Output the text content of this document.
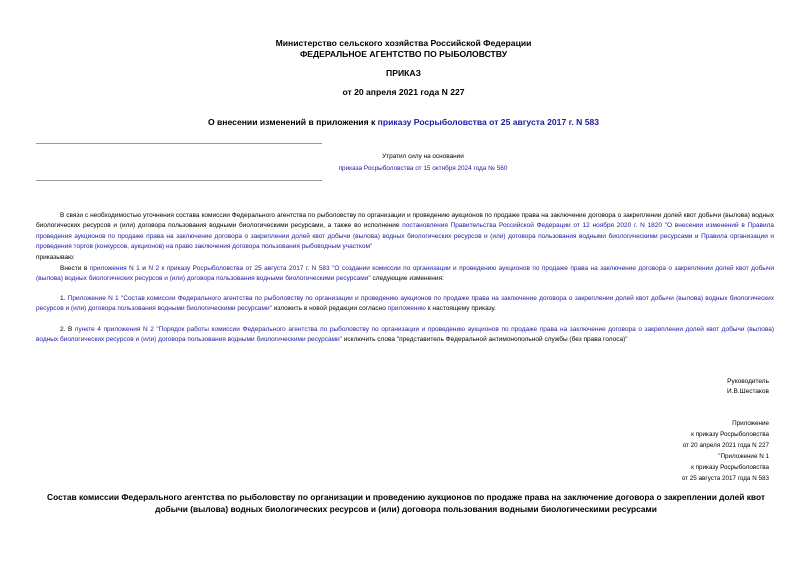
Министерство сельского хозяйства Российской Федерации
ФЕДЕРАЛЬНОЕ АГЕНТСТВО ПО РЫБОЛОВСТВУ
ПРИКАЗ
от 20 апреля 2021 года N 227
О внесении изменений в приложения к приказу Росрыболовства от 25 августа 2017 г. N 583
Утратил силу на основании
приказа Росрыболовства от 15 октября 2024 года № 560
В связи с необходимостью уточнения состава комиссии Федерального агентства по рыболовству по организации и проведению аукционов по продаже права на заключение договора о закреплении долей квот добычи (вылова) водных биологических ресурсов и (или) договора пользования водными биологическими ресурсами, а также во исполнение постановления Правительства Российской Федерации от 12 ноября 2020 г. N 1820 "О внесении изменений в Правила проведения аукционов по продаже права на заключение договора о закреплении долей квот добычи (вылова) водных биологических ресурсов и (или) договора пользования водными биологическими ресурсами и Правила организации и проведения торгов (конкурсов, аукционов) на право заключения договора пользования рыбоводным участком"
приказываю:
Внести в приложения N 1 и N 2 к приказу Росрыболовства от 25 августа 2017 г. N 583 "О создании комиссии по организации и проведению аукционов по продаже права на заключение договора о закреплении долей квот добычи (вылова) водных биологических ресурсов и (или) договора пользования водными биологическими ресурсами" следующие изменения:
1. Приложение N 1 "Состав комиссии Федерального агентства по рыболовству по организации и проведению аукционов по продаже права на заключение договора о закреплении долей квот добычи (вылова) водных биологических ресурсов и (или) договора пользования водными биологическими ресурсами" изложить в новой редакции согласно приложению к настоящему приказу.
2. В пункте 4 приложения N 2 "Порядок работы комиссии Федерального агентства по рыболовству по организации и проведению аукционов по продаже права на заключение договора о закреплении долей квот добычи (вылова) водных биологических ресурсов и (или) договора пользования водными биологическими ресурсами" исключить слова "представитель Федеральной антимонопольной службы (без права голоса)"
Руководитель
И.В.Шестаков
Приложение
к приказу Росрыболовства
от 20 апреля 2021 года N 227
"Приложение N 1
к приказу Росрыболовства
от 25 августа 2017 года N 583
Состав комиссии Федерального агентства по рыболовству по организации и проведению аукционов по продаже права на заключение договора о закреплении долей квот добычи (вылова) водных биологических ресурсов и (или) договора пользования водными биологическими ресурсами
